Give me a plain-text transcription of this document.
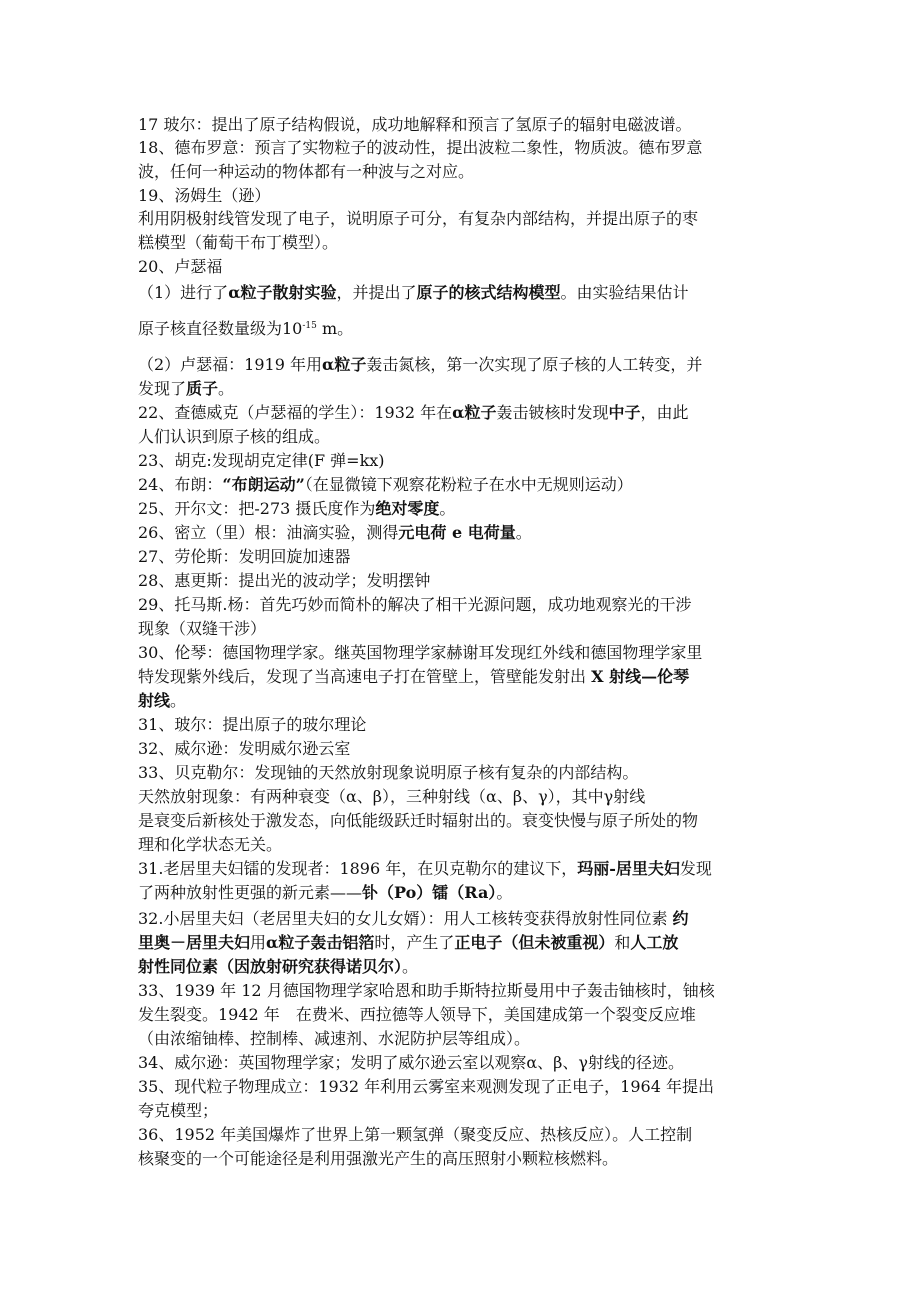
17 玻尔：提出了原子结构假说，成功地解释和预言了氢原子的辐射电磁波谱。
18、德布罗意：预言了实物粒子的波动性，提出波粒二象性，物质波。德布罗意
波，任何一种运动的物体都有一种波与之对应。
19、汤姆生（逊）
利用阴极射线管发现了电子，说明原子可分，有复杂内部结构，并提出原子的枣
糕模型（葡萄干布丁模型）。
20、卢瑟福
（1）进行了α粒子散射实验，并提出了原子的核式结构模型。由实验结果估计
原子核直径数量级为$10^{-15}$ m。
（2）卢瑟福：1919 年用α粒子轰击氮核，第一次实现了原子核的人工转变，并
发现了质子。
22、查德威克（卢瑟福的学生）：1932 年在α粒子轰击铍核时发现中子，由此
人们认识到原子核的组成。
23、胡克:发现胡克定律(F 弹=kx)
24、布朗：“布朗运动”（在显微镜下观察花粉粒子在水中无规则运动）
25、开尔文：把-273 摄氏度作为绝对零度。
26、密立（里）根：油滴实验，测得元电荷 e 电荷量。
27、劳伦斯：发明回旋加速器
28、惠更斯：提出光的波动学；发明摆钟
29、托马斯.杨：首先巧妙而简朴的解决了相干光源问题，成功地观察光的干涉
现象（双缝干涉）
30、伦琴：德国物理学家。继英国物理学家赫谢耳发现红外线和德国物理学家里
特发现紫外线后，发现了当高速电子打在管壁上，管壁能发射出 X 射线—伦琴
射线。
31、玻尔：提出原子的玻尔理论
32、威尔逊：发明威尔逊云室
33、贝克勒尔：发现铀的天然放射现象说明原子核有复杂的内部结构。
天然放射现象：有两种衰变（α、β），三种射线（α、β、γ），其中γ射线
是衰变后新核处于激发态，向低能级跃迁时辐射出的。衰变快慢与原子所处的物
理和化学状态无关。
31.老居里夫妇镭的发现者：1896 年，在贝克勒尔的建议下，玛丽-居里夫妇发现
了两种放射性更强的新元素——钋（Po）镭（Ra）。
32.小居里夫妇（老居里夫妇的女儿女婿）：用人工核转变获得放射性同位素 约
里奥－居里夫妇用α粒子轰击铝箔时，产生了正电子（但未被重视）和人工放
射性同位素（因放射研究获得诺贝尔）。
33、1939 年 12 月德国物理学家哈恩和助手斯特拉斯曼用中子轰击铀核时，铀核
发生裂变。1942 年　在费米、西拉德等人领导下，美国建成第一个裂变反应堆
（由浓缩铀棒、控制棒、减速剂、水泥防护层等组成）。
34、威尔逊：英国物理学家；发明了威尔逊云室以观察α、β、γ射线的径迹。
35、现代粒子物理成立：1932 年利用云雾室来观测发现了正电子，1964 年提出
夸克模型；
36、1952 年美国爆炸了世界上第一颗氢弹（聚变反应、热核反应）。人工控制
核聚变的一个可能途径是利用强激光产生的高压照射小颗粒核燃料。
